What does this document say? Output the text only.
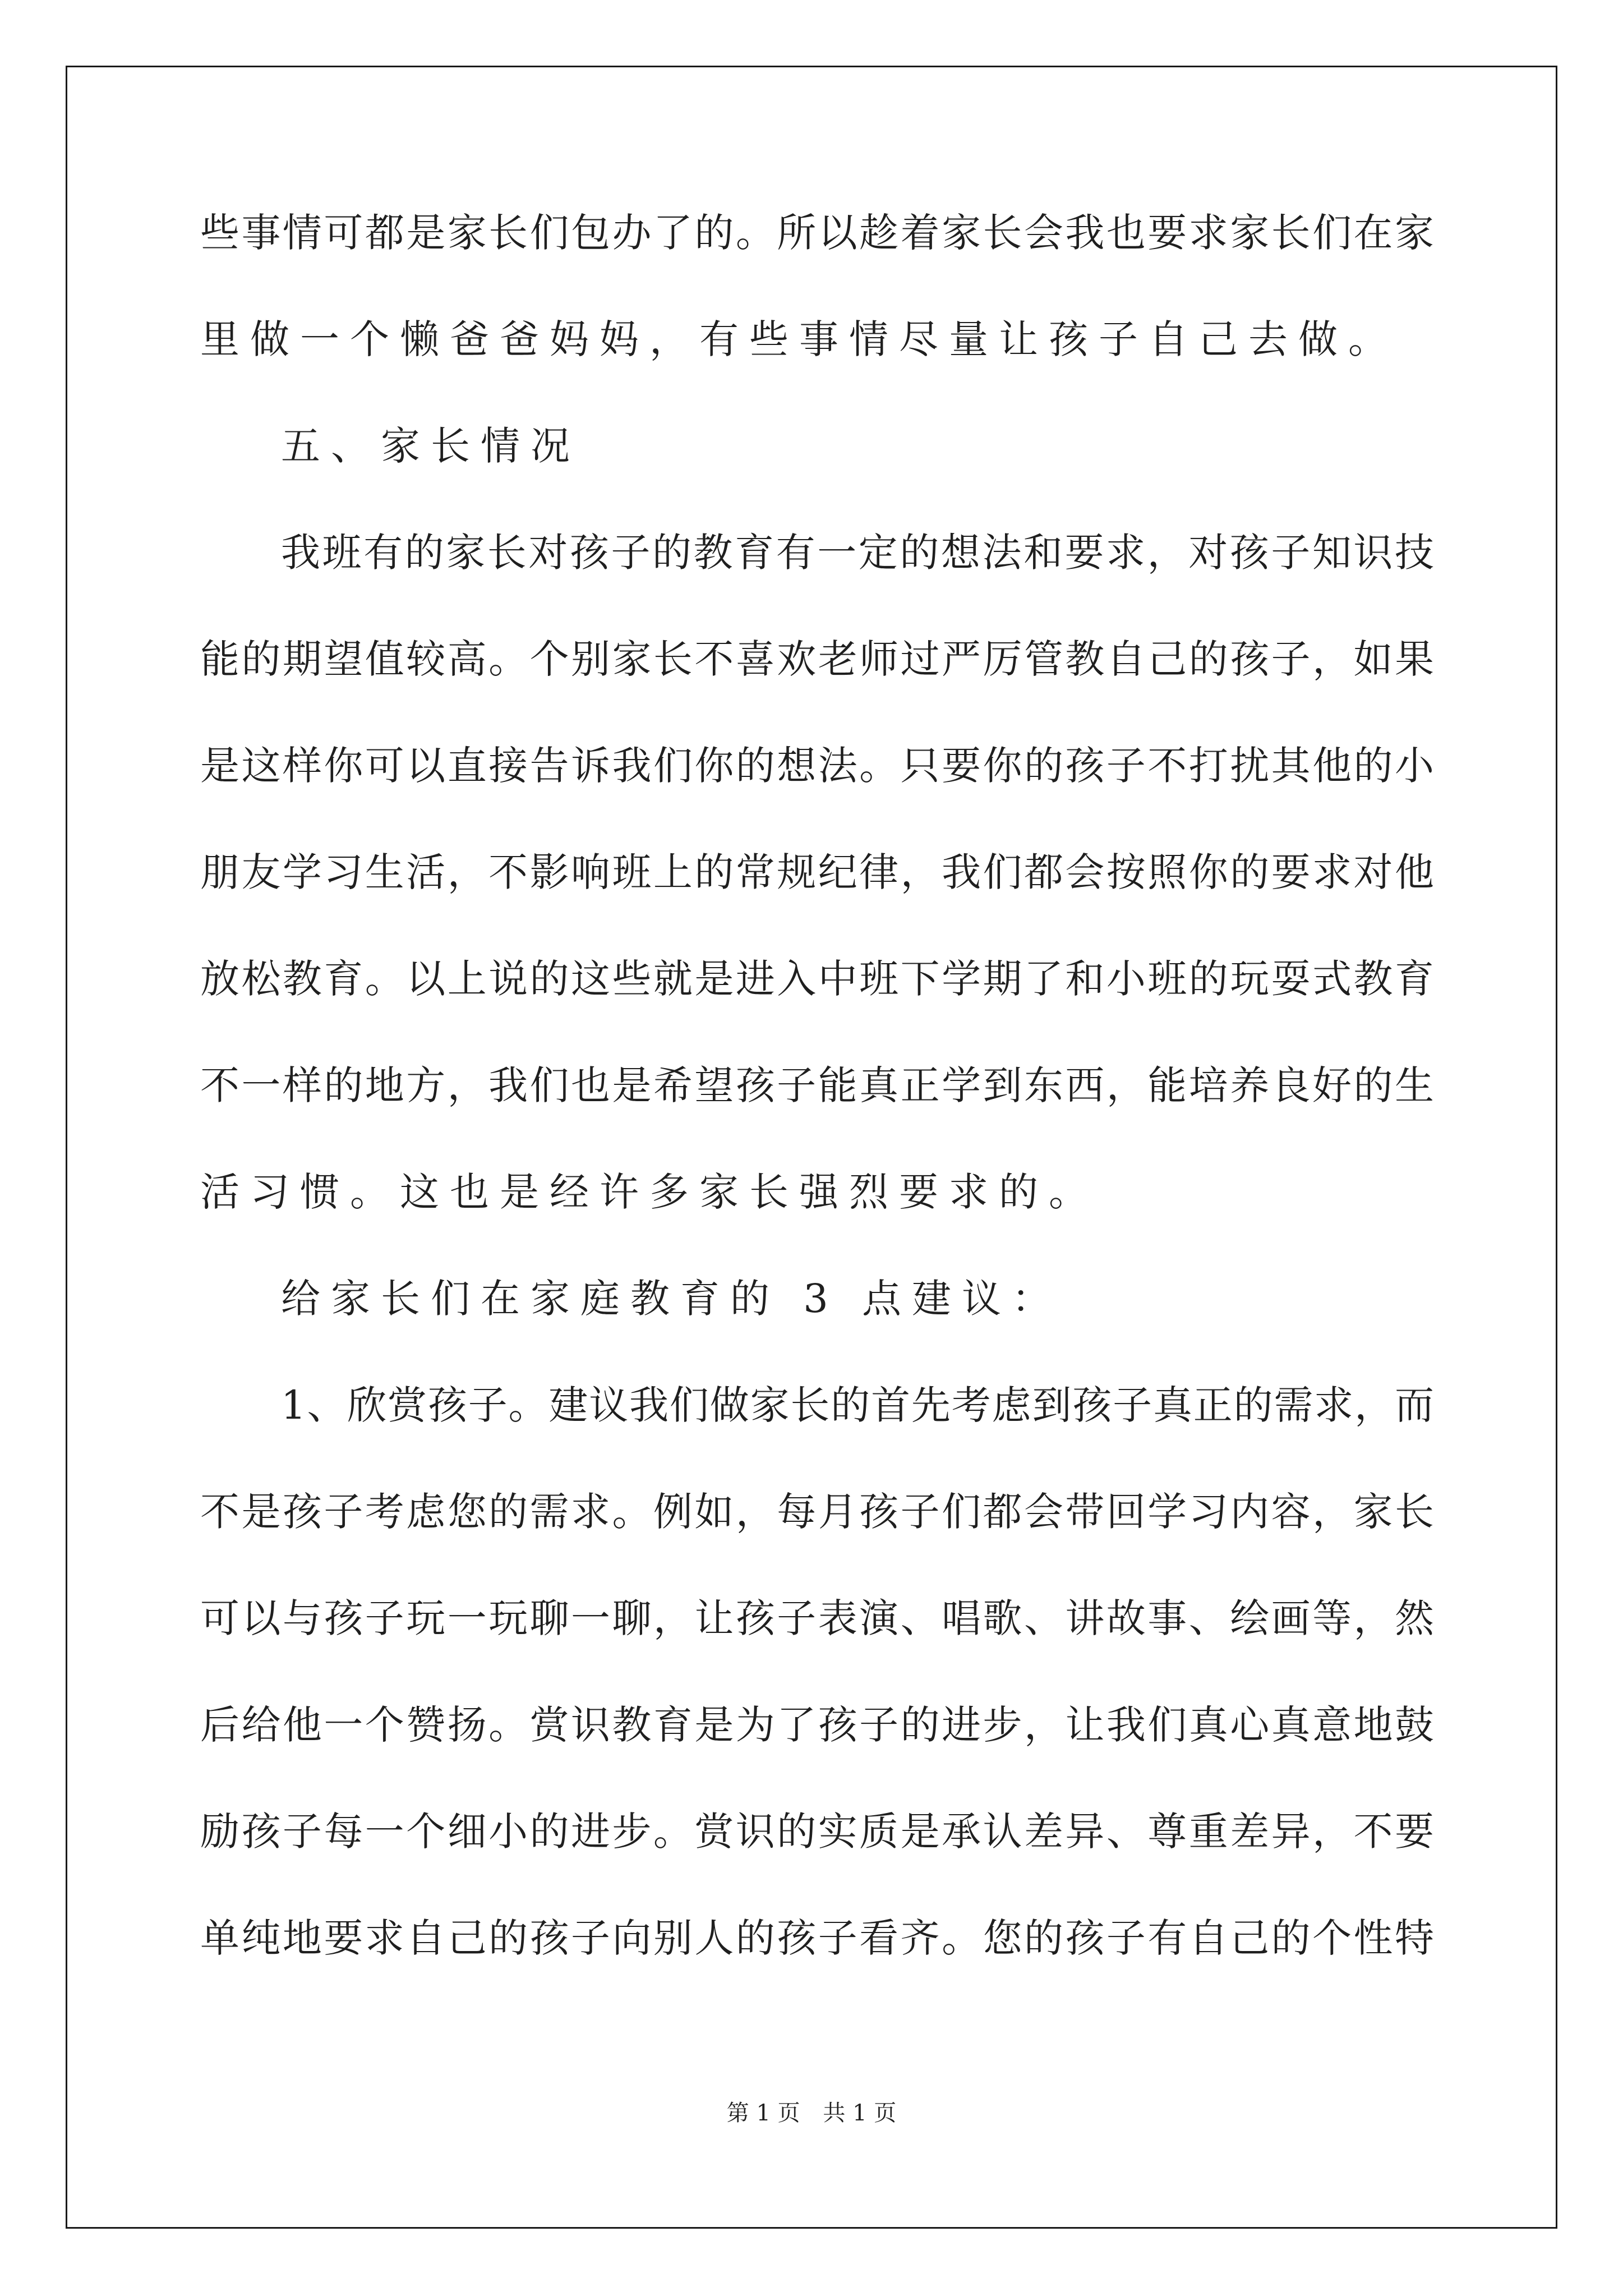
些事情可都是家长们包办了的。所以趁着家长会我也要求家长们在家
里做一个懒爸爸妈妈，有些事情尽量让孩子自己去做。
五、家长情况
我班有的家长对孩子的教育有一定的想法和要求，对孩子知识技
能的期望值较高。个别家长不喜欢老师过严厉管教自己的孩子，如果
是这样你可以直接告诉我们你的想法。只要你的孩子不打扰其他的小
朋友学习生活，不影响班上的常规纪律，我们都会按照你的要求对他
放松教育。以上说的这些就是进入中班下学期了和小班的玩耍式教育
不一样的地方，我们也是希望孩子能真正学到东西，能培养良好的生
活习惯。这也是经许多家长强烈要求的。
给家长们在家庭教育的 3 点建议：
1、欣赏孩子。建议我们做家长的首先考虑到孩子真正的需求，而
不是孩子考虑您的需求。例如，每月孩子们都会带回学习内容，家长
可以与孩子玩一玩聊一聊，让孩子表演、唱歌、讲故事、绘画等，然
后给他一个赞扬。赏识教育是为了孩子的进步，让我们真心真意地鼓
励孩子每一个细小的进步。赏识的实质是承认差异、尊重差异，不要
单纯地要求自己的孩子向别人的孩子看齐。您的孩子有自己的个性特
第 1 页 共 1 页
